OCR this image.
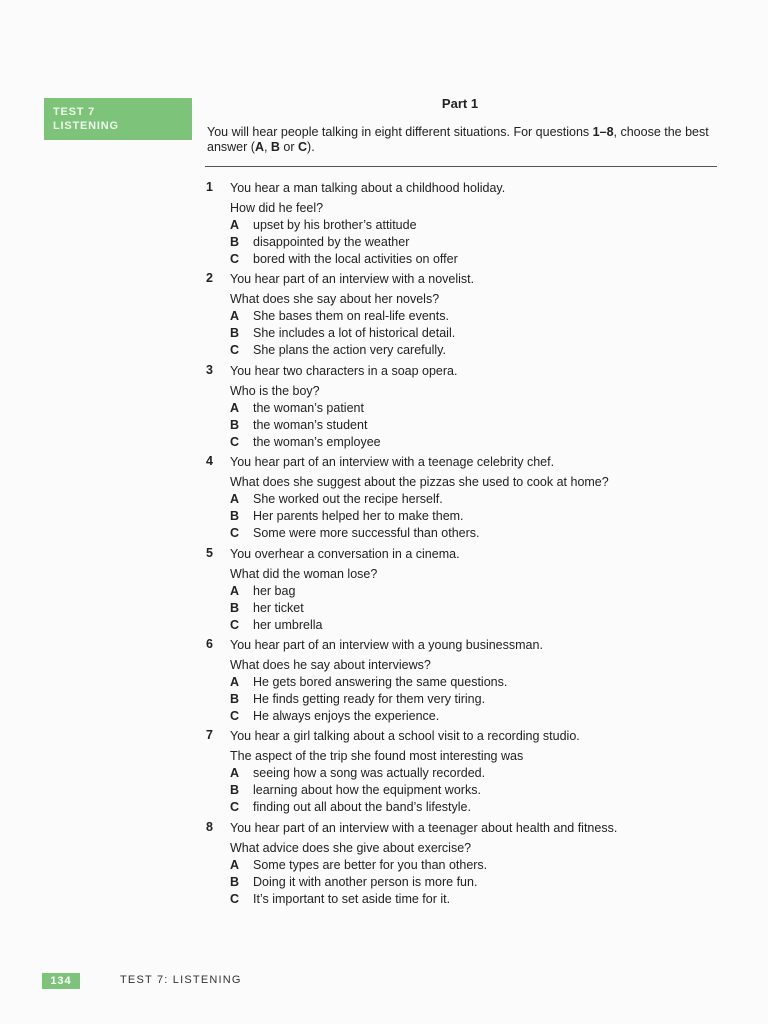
TEST 7
LISTENING
Part 1
You will hear people talking in eight different situations. For questions 1–8, choose the best answer (A, B or C).
1	You hear a man talking about a childhood holiday.
How did he feel?
A	upset by his brother’s attitude
B	disappointed by the weather
C	bored with the local activities on offer
2	You hear part of an interview with a novelist.
What does she say about her novels?
A	She bases them on real-life events.
B	She includes a lot of historical detail.
C	She plans the action very carefully.
3	You hear two characters in a soap opera.
Who is the boy?
A	the woman’s patient
B	the woman’s student
C	the woman’s employee
4	You hear part of an interview with a teenage celebrity chef.
What does she suggest about the pizzas she used to cook at home?
A	She worked out the recipe herself.
B	Her parents helped her to make them.
C	Some were more successful than others.
5	You overhear a conversation in a cinema.
What did the woman lose?
A	her bag
B	her ticket
C	her umbrella
6	You hear part of an interview with a young businessman.
What does he say about interviews?
A	He gets bored answering the same questions.
B	He finds getting ready for them very tiring.
C	He always enjoys the experience.
7	You hear a girl talking about a school visit to a recording studio.
The aspect of the trip she found most interesting was
A	seeing how a song was actually recorded.
B	learning about how the equipment works.
C	finding out all about the band’s lifestyle.
8	You hear part of an interview with a teenager about health and fitness.
What advice does she give about exercise?
A	Some types are better for you than others.
B	Doing it with another person is more fun.
C	It’s important to set aside time for it.
134	TEST 7: LISTENING
